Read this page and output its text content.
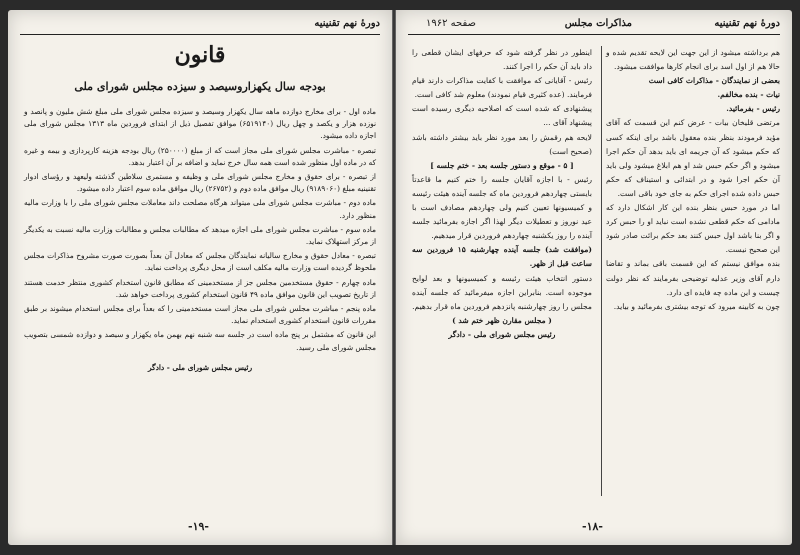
دورهٔ نهم تقنينيه
قانون
بودجه سال یکهزاروسیصد و سیزده مجلس شورای ملی

ماده اول - برای مخارج دوازده ماهه سال یکهزار وسیصد و سیزده مجلس شورای ملی مبلغ شش ملیون و پانصد و نوزده هزار و یکصد و چهل ریال (۶۵۱۹۱۴۰) موافق تفصیل ذیل از ابتدای فروردین ماه ۱۳۱۳ مجلس شورای ملی اجازه داده میشود.

تبصره - مباشرت مجلس شورای ملی مجاز است که از مبلغ (۲۵۰۰۰۰) ریال بودجه هزینه کارپردازی و بیمه و غیره که در ماده اول منظور شده است همه سال خرج نماید و اضافه بر آن اعتبار بدهد.

از تبصره - برای حقوق و مخارج مجلس شورای ملی و وظیفه و مستمری سلاطین گذشته ولیعهد و رؤسای ادوار تقنینیه مبلغ (۹۱۸۹۰۶۰) ریال موافق ماده دوم و (۲۶۷۵۲) ریال موافق ماده سوم اعتبار داده میشود.

ماده دوم - مباشرت مجلس شورای ملی میتواند هرگاه مصلحت داند معاملات مجلس شورای ملی را با وزارت مالیه منظور دارد.

ماده سوم - مباشرت مجلس شورای ملی اجازه میدهد که مطالبات مجلس و مطالبات وزارت مالیه نسبت به یکدیگر از مرکز استهلاک نماید.

تبصره - معادل حقوق و مخارج سالیانه نمایندگان مجلس که معادل آن بعداً بصورت صورت مشروح مذاکرات مجلس ملحوظ گردیده است وزارت مالیه مکلف است از محل دیگری پرداخت نماید.

ماده چهارم - حقوق مستخدمین مجلس جز از مستخدمینی که مطابق قانون استخدام کشوری منتظر خدمت هستند از تاریخ تصویب این قانون موافق ماده ۴۹ قانون استخدام کشوری پرداخت خواهد شد.

ماده پنجم - مباشرت مجلس شورای ملی مجاز است مستخدمینی را که بعداً برای مجلس استخدام میشوند بر طبق مقررات قانون استخدام کشوری استخدام نماید.

این قانون که مشتمل بر پنج ماده است در جلسه سه شنبه نهم بهمن ماه یکهزار و سیصد و دوازده شمسی بتصویب مجلس شورای ملی رسید.

رئیس مجلس شورای ملی - دادگر

-۱۹-
دورهٔ نهم تقنینیه
مذاکرات مجلس
صفحه ۱۹۶۲

هم برداشته میشود از این جهت این لایحه تقدیم شده و حالا هم از اول اسد برای انجام کارها موافقت میشود.

بعضی از نمایندگان - مذاکرات کافی است

نیات - بنده مخالفم.

رئیس - بفرمائید.

مرتضی قلیخان بیات - عرض کنم این قسمت که آقای مؤید فرمودند بنظر بنده معقول باشد برای اینکه کسی که حکم میشود که آن جریمه ای باید بدهد آن حکم اجرا میشود و اگر حکم حبس شد او هم ابلاغ میشود ولی باید آن حکم اجرا شود و در ابتدائی و استیناف که حکم حبس داده شده اجرای حکم به جای خود باقی است.

اما در مورد حبس بنظر بنده این کار اشکال دارد که مادامی که حکم قطعی نشده است نباید او را حبس کرد و اگر بنا باشد اول حبس کنند بعد حکم برائت صادر شود این صحیح نیست.

بنده موافق نیستم که این قسمت باقی بماند و تقاضا دارم آقای وزیر عدلیه توضیحی بفرمایند که نظر دولت چیست و این ماده چه فایده ای دارد.

چون به کابینه میرود که توجه بیشتری بفرمائید و بیاید.

اینطور در نظر گرفته شود که حرفهای ایشان قطعی را داد باید آن حکم را اجرا کنند.

رئیس - آقایانی که موافقت با کفایت مذاکرات دارند قیام فرمایند. (عده کثیری قیام نمودند) معلوم شد کافی است.

پیشنهادی که شده است که اصلاحیه دیگری رسیده است پیشنهاد آقای ...

لایحه هم رقمش را بعد مورد نظر باید بیشتر داشته باشد (صحیح است)

[ ۵ - موقع و دستور جلسه بعد - ختم جلسه ]

رئیس - با اجازه آقایان جلسه را ختم کنیم ما قاعدتاً بایستی چهاردهم فروردین ماه که جلسه آینده هیئت رئیسه و کمیسیونها تعیین کنیم ولی چهاردهم مصادف است با عید نوروز و تعطیلات دیگر لهذا اگر اجازه بفرمائید جلسه آینده را روز یکشنبه چهاردهم فروردین قرار میدهیم.

(موافقت شد) جلسه آینده چهارشنبه ۱۵ فروردین سه ساعت قبل از ظهر.

دستور انتخاب هیئت رئیسه و کمیسیونها و بعد لوایح موجوده است. بنابراین اجازه میفرمائید که جلسه آینده مجلس را روز چهارشنبه پانزدهم فروردین ماه قرار بدهیم.

( مجلس مقارن ظهر ختم شد )

رئیس مجلس شورای ملی - دادگر

-۱۸-
